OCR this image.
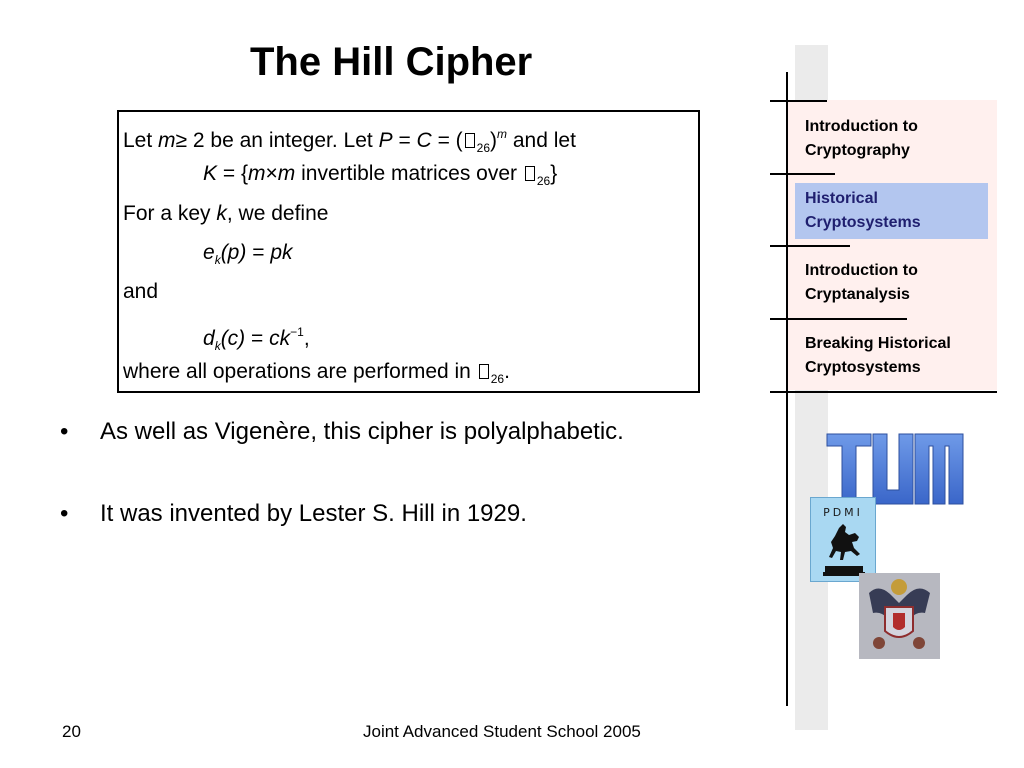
The Hill Cipher
Let m≥ 2 be an integer. Let P = C = ( $_{26}$)$^m$ and let
K = {m×m invertible matrices over $_{26}$}
For a key k, we define
$e_k(p)$ = pk
and
$d_k(c) = ck^{-1}$,
where all operations are performed in $_{26}$.
• As well as Vigenère, this cipher is polyalphabetic.
• It was invented by Lester S. Hill in 1929.
Introduction to
Cryptography
Historical
Cryptosystems
Introduction to
Cryptanalysis
Breaking Historical
Cryptosystems
PDMI
20	Joint Advanced Student School 2005
